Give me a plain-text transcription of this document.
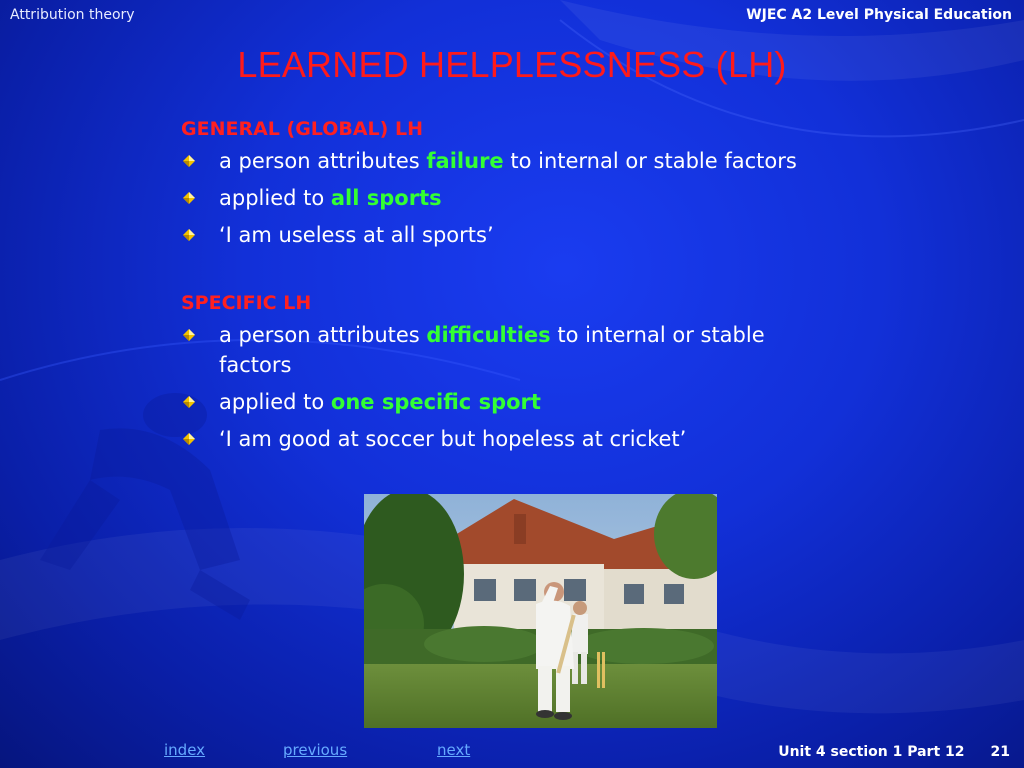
Attribution theory	WJEC A2 Level Physical Education
LEARNED HELPLESSNESS (LH)
GENERAL (GLOBAL) LH
a person attributes failure to internal or stable factors
applied to all sports
‘I am useless at all sports’
SPECIFIC LH
a person attributes difficulties to internal or stable factors
applied to one specific sport
‘I am good at soccer but hopeless at cricket’
index	previous	next	Unit 4 section 1 Part 12 21
